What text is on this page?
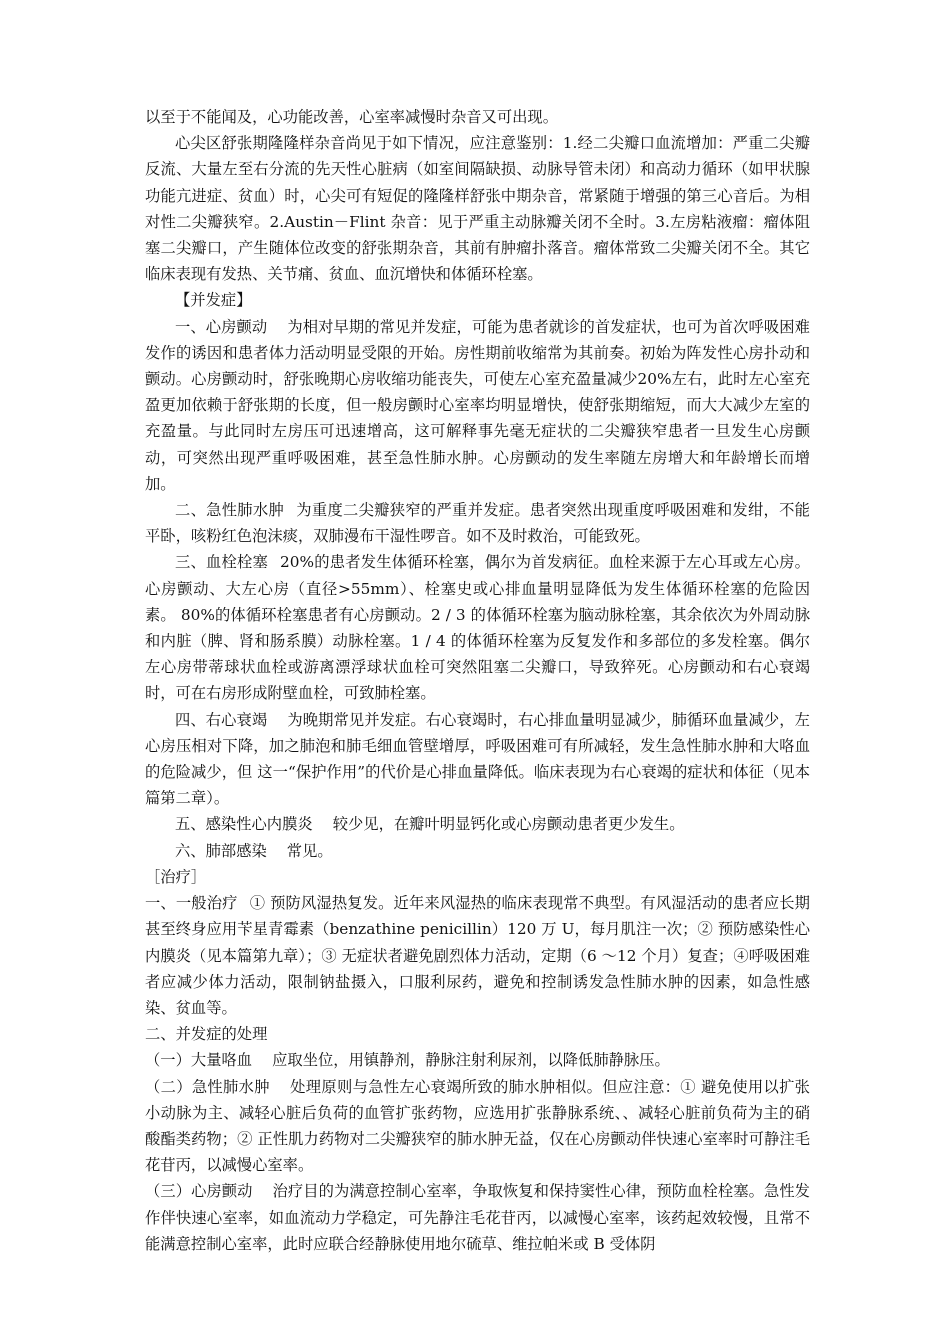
以至于不能闻及，心功能改善，心室率减慢时杂音又可出现。

心尖区舒张期隆隆样杂音尚见于如下情况，应注意鉴别：1.经二尖瓣口血流增加：严重二尖瓣反流、大量左至右分流的先天性心脏病（如室间隔缺损、动脉导管未闭）和高动力循环（如甲状腺功能亢进症、贫血）时，心尖可有短促的隆隆样舒张中期杂音，常紧随于增强的第三心音后。为相对性二尖瓣狭窄。2.Austin－Flint 杂音：见于严重主动脉瓣关闭不全时。3.左房粘液瘤：瘤体阻塞二尖瓣口，产生随体位改变的舒张期杂音，其前有肿瘤扑落音。瘤体常致二尖瓣关闭不全。其它临床表现有发热、关节痛、贫血、血沉增快和体循环栓塞。

【并发症】

一、心房颤动 为相对早期的常见并发症，可能为患者就诊的首发症状，也可为首次呼吸困难发作的诱因和患者体力活动明显受限的开始。房性期前收缩常为其前奏。初始为阵发性心房扑动和颤动。心房颤动时，舒张晚期心房收缩功能丧失，可使左心室充盈量减少20%左右，此时左心室充盈更加依赖于舒张期的长度，但一般房颤时心室率均明显增快，使舒张期缩短，而大大减少左室的充盈量。与此同时左房压可迅速增高，这可解释事先毫无症状的二尖瓣狭窄患者一旦发生心房颤动，可突然出现严重呼吸困难，甚至急性肺水肿。心房颤动的发生率随左房增大和年龄增长而增加。

二、急性肺水肿 为重度二尖瓣狭窄的严重并发症。患者突然出现重度呼吸困难和发绀，不能平卧，咳粉红色泡沫痰，双肺漫布干湿性啰音。如不及时救治，可能致死。

三、血栓栓塞 20%的患者发生体循环栓塞，偶尔为首发病征。血栓来源于左心耳或左心房。心房颤动、大左心房（直径>55mm）、栓塞史或心排血量明显降低为发生体循环栓塞的危险因素。 80%的体循环栓塞患者有心房颤动。2 / 3 的体循环栓塞为脑动脉栓塞，其余依次为外周动脉和内脏（脾、肾和肠系膜）动脉栓塞。1 / 4 的体循环栓塞为反复发作和多部位的多发栓塞。偶尔左心房带蒂球状血栓或游离漂浮球状血栓可突然阻塞二尖瓣口，导致猝死。心房颤动和右心衰竭时，可在右房形成附壁血栓，可致肺栓塞。

四、右心衰竭 为晚期常见并发症。右心衰竭时，右心排血量明显减少，肺循环血量减少，左心房压相对下降，加之肺泡和肺毛细血管壁增厚，呼吸困难可有所减轻，发生急性肺水肿和大咯血的危险减少，但 这一“保护作用”的代价是心排血量降低。临床表现为右心衰竭的症状和体征（见本篇第二章）。

五、感染性心内膜炎 较少见，在瓣叶明显钙化或心房颤动患者更少发生。

六、肺部感染 常见。

［治疗］

一、一般治疗 ① 预防风湿热复发。近年来风湿热的临床表现常不典型。有风湿活动的患者应长期甚至终身应用苄星青霉素（benzathine penicillin）120 万 U，每月肌注一次；② 预防感染性心内膜炎（见本篇第九章）；③ 无症状者避免剧烈体力活动，定期（6 ～12 个月）复查；④呼吸困难者应减少体力活动，限制钠盐摄入，口服利尿药，避免和控制诱发急性肺水肿的因素，如急性感染、贫血等。

二、并发症的处理

（一）大量咯血 应取坐位，用镇静剂，静脉注射利尿剂，以降低肺静脉压。

（二）急性肺水肿 处理原则与急性左心衰竭所致的肺水肿相似。但应注意：① 避免使用以扩张小动脉为主、减轻心脏后负荷的血管扩张药物，应选用扩张静脉系统、、减轻心脏前负荷为主的硝酸酯类药物；② 正性肌力药物对二尖瓣狭窄的肺水肿无益，仅在心房颤动伴快速心室率时可静注毛花苷丙，以减慢心室率。

（三）心房颤动 治疗目的为满意控制心室率，争取恢复和保持窦性心律，预防血栓栓塞。急性发作伴快速心室率，如血流动力学稳定，可先静注毛花苷丙，以减慢心室率，该药起效较慢，且常不能满意控制心室率，此时应联合经静脉使用地尔硫草、维拉帕米或 B 受体阴
